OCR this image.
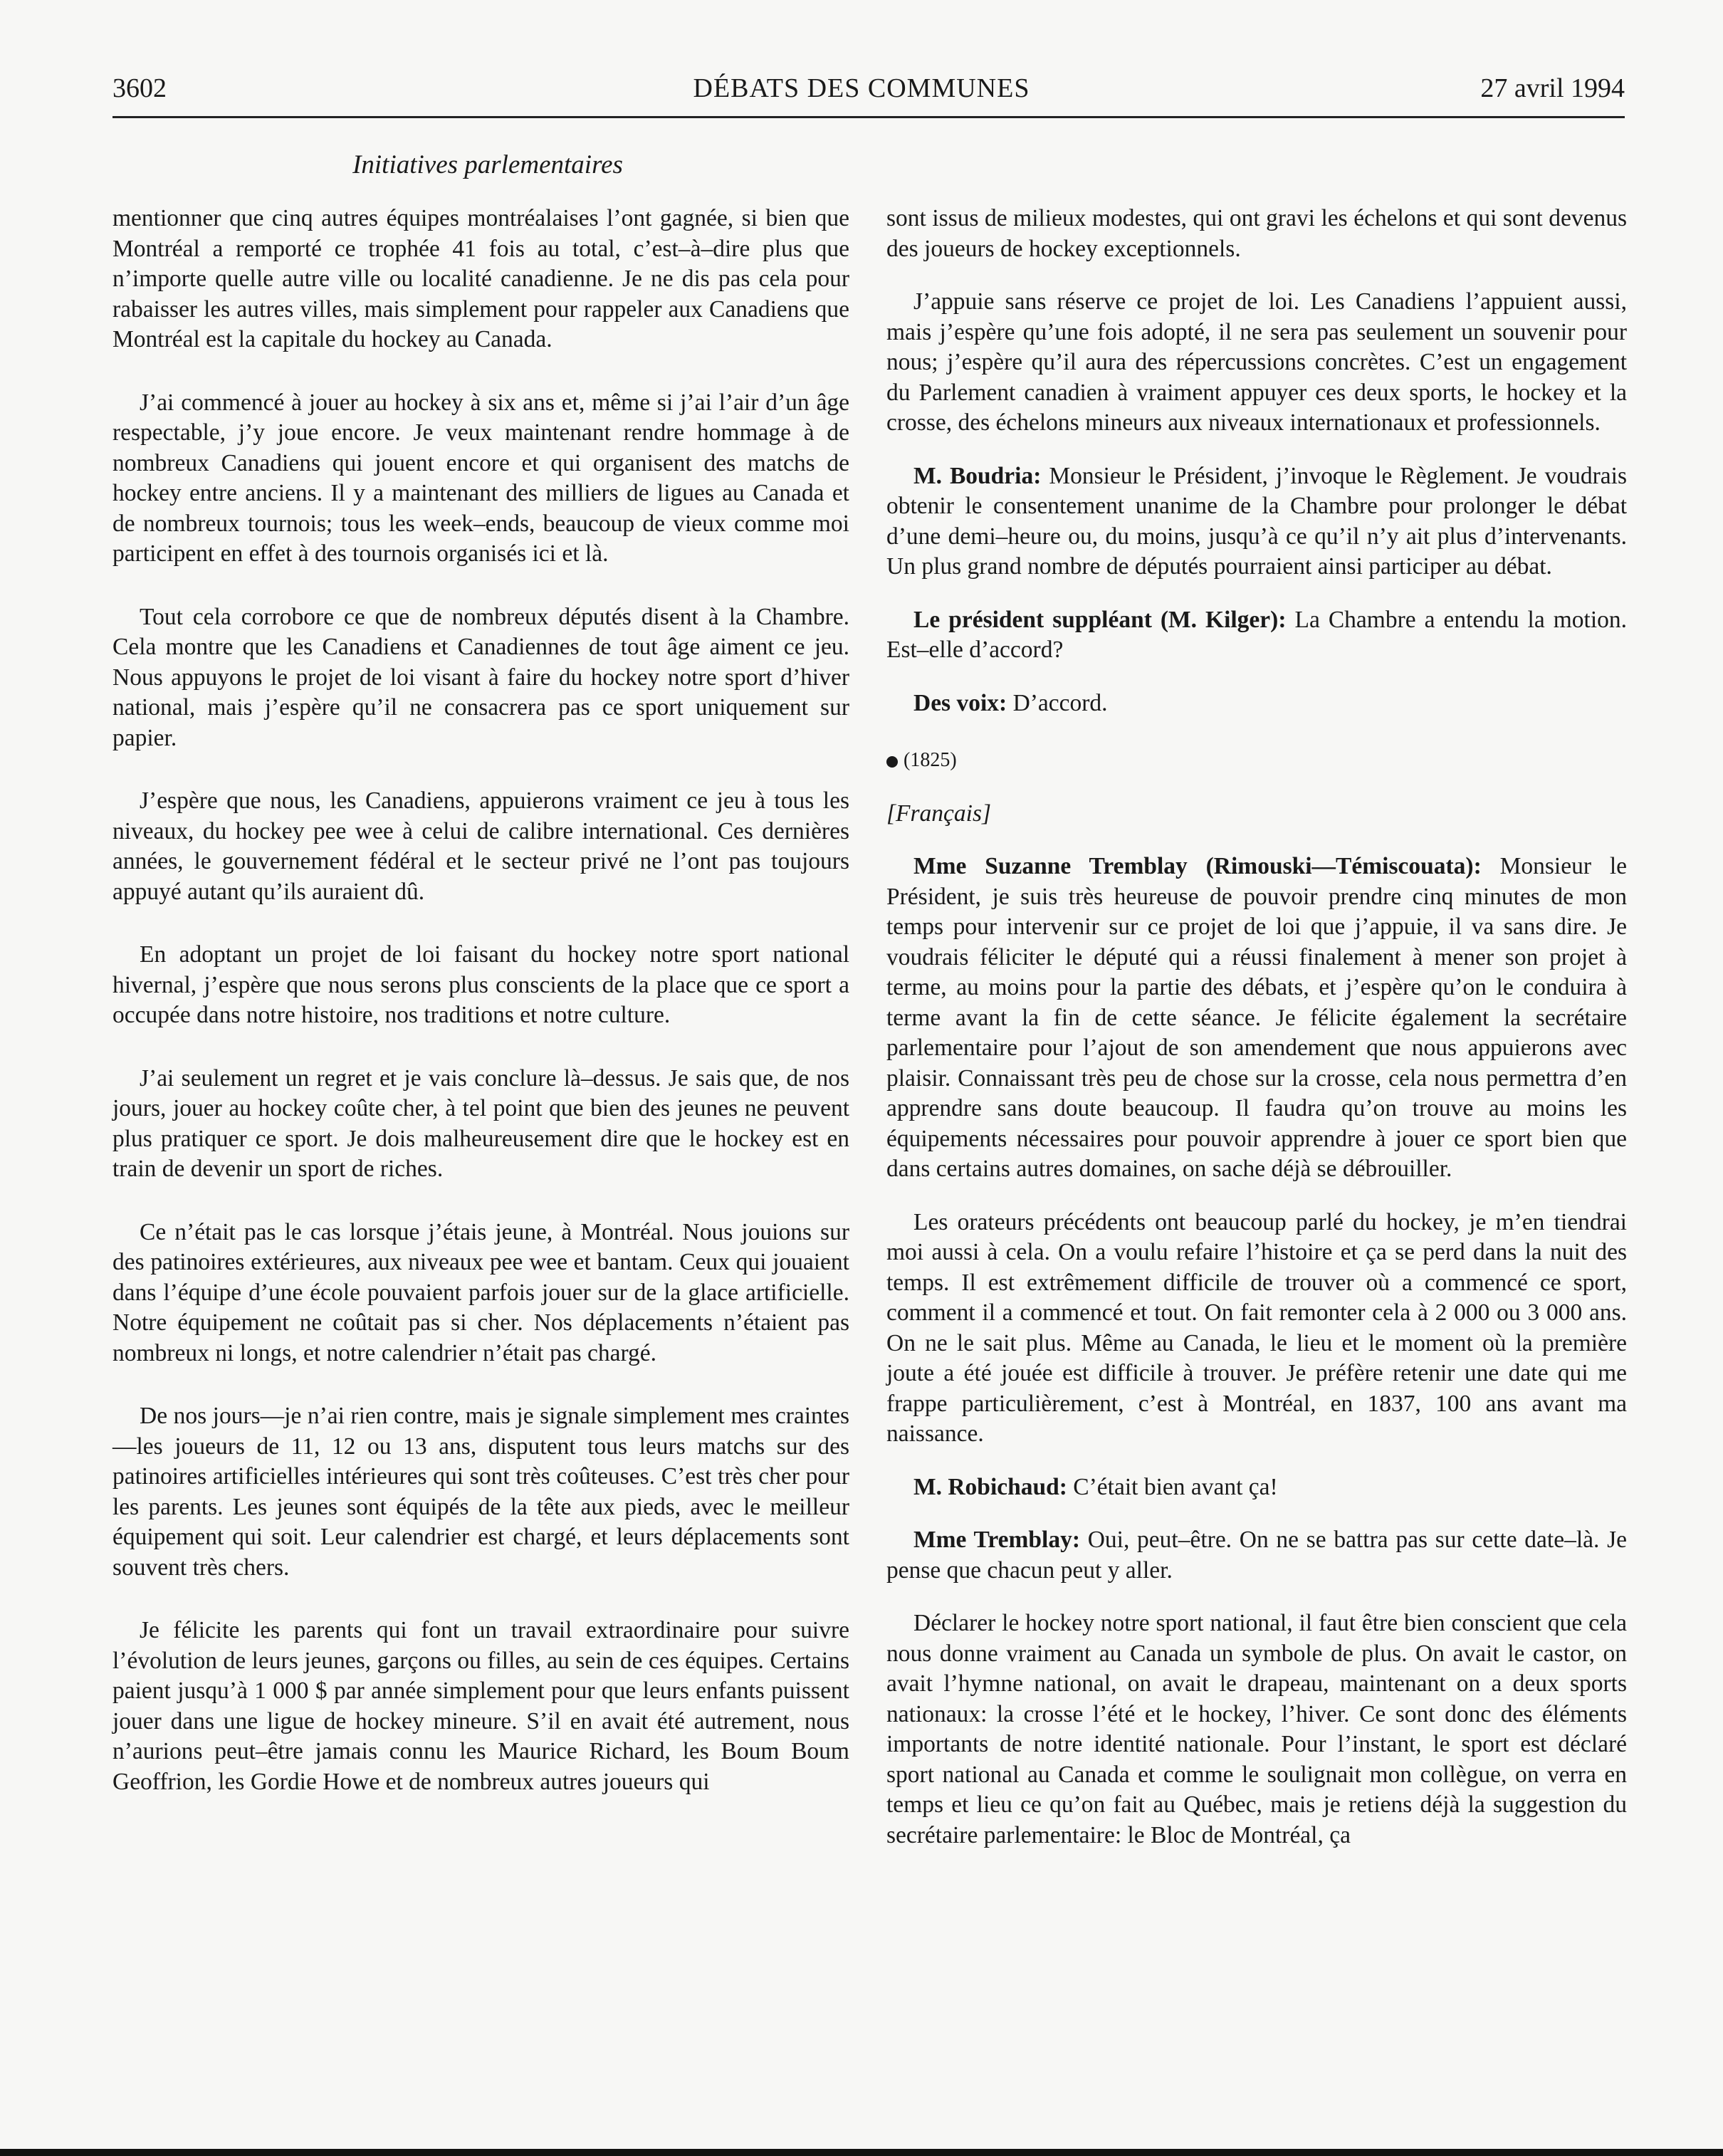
3602	DÉBATS DES COMMUNES	27 avril 1994
Initiatives parlementaires

mentionner que cinq autres équipes montréalaises l’ont gagnée, si bien que Montréal a remporté ce trophée 41 fois au total, c’est–à–dire plus que n’importe quelle autre ville ou localité canadienne. Je ne dis pas cela pour rabaisser les autres villes, mais simplement pour rappeler aux Canadiens que Montréal est la capitale du hockey au Canada.

J’ai commencé à jouer au hockey à six ans et, même si j’ai l’air d’un âge respectable, j’y joue encore. Je veux maintenant rendre hommage à de nombreux Canadiens qui jouent encore et qui organisent des matchs de hockey entre anciens. Il y a maintenant des milliers de ligues au Canada et de nombreux tournois; tous les week–ends, beaucoup de vieux comme moi participent en effet à des tournois organisés ici et là.

Tout cela corrobore ce que de nombreux députés disent à la Chambre. Cela montre que les Canadiens et Canadiennes de tout âge aiment ce jeu. Nous appuyons le projet de loi visant à faire du hockey notre sport d’hiver national, mais j’espère qu’il ne consacrera pas ce sport uniquement sur papier.

J’espère que nous, les Canadiens, appuierons vraiment ce jeu à tous les niveaux, du hockey pee wee à celui de calibre international. Ces dernières années, le gouvernement fédéral et le secteur privé ne l’ont pas toujours appuyé autant qu’ils auraient dû.

En adoptant un projet de loi faisant du hockey notre sport national hivernal, j’espère que nous serons plus conscients de la place que ce sport a occupée dans notre histoire, nos traditions et notre culture.

J’ai seulement un regret et je vais conclure là–dessus. Je sais que, de nos jours, jouer au hockey coûte cher, à tel point que bien des jeunes ne peuvent plus pratiquer ce sport. Je dois malheureusement dire que le hockey est en train de devenir un sport de riches.

Ce n’était pas le cas lorsque j’étais jeune, à Montréal. Nous jouions sur des patinoires extérieures, aux niveaux pee wee et bantam. Ceux qui jouaient dans l’équipe d’une école pouvaient parfois jouer sur de la glace artificielle. Notre équipement ne coûtait pas si cher. Nos déplacements n’étaient pas nombreux ni longs, et notre calendrier n’était pas chargé.

De nos jours—je n’ai rien contre, mais je signale simplement mes craintes—les joueurs de 11, 12 ou 13 ans, disputent tous leurs matchs sur des patinoires artificielles intérieures qui sont très coûteuses. C’est très cher pour les parents. Les jeunes sont équipés de la tête aux pieds, avec le meilleur équipement qui soit. Leur calendrier est chargé, et leurs déplacements sont souvent très chers.

Je félicite les parents qui font un travail extraordinaire pour suivre l’évolution de leurs jeunes, garçons ou filles, au sein de ces équipes. Certains paient jusqu’à 1 000 $ par année simplement pour que leurs enfants puissent jouer dans une ligue de hockey mineure. S’il en avait été autrement, nous n’aurions peut–être jamais connu les Maurice Richard, les Boum Boum Geoffrion, les Gordie Howe et de nombreux autres joueurs qui

sont issus de milieux modestes, qui ont gravi les échelons et qui sont devenus des joueurs de hockey exceptionnels.

J’appuie sans réserve ce projet de loi. Les Canadiens l’appuient aussi, mais j’espère qu’une fois adopté, il ne sera pas seulement un souvenir pour nous; j’espère qu’il aura des répercussions concrètes. C’est un engagement du Parlement canadien à vraiment appuyer ces deux sports, le hockey et la crosse, des échelons mineurs aux niveaux internationaux et professionnels.

M. Boudria: Monsieur le Président, j’invoque le Règlement. Je voudrais obtenir le consentement unanime de la Chambre pour prolonger le débat d’une demi–heure ou, du moins, jusqu’à ce qu’il n’y ait plus d’intervenants. Un plus grand nombre de députés pourraient ainsi participer au débat.

Le président suppléant (M. Kilger): La Chambre a entendu la motion. Est–elle d’accord?

Des voix: D’accord.

(1825)

[Français]

Mme Suzanne Tremblay (Rimouski—Témiscouata): Monsieur le Président, je suis très heureuse de pouvoir prendre cinq minutes de mon temps pour intervenir sur ce projet de loi que j’appuie, il va sans dire. Je voudrais féliciter le député qui a réussi finalement à mener son projet à terme, au moins pour la partie des débats, et j’espère qu’on le conduira à terme avant la fin de cette séance. Je félicite également la secrétaire parlementaire pour l’ajout de son amendement que nous appuierons avec plaisir. Connaissant très peu de chose sur la crosse, cela nous permettra d’en apprendre sans doute beaucoup. Il faudra qu’on trouve au moins les équipements nécessaires pour pouvoir apprendre à jouer ce sport bien que dans certains autres domaines, on sache déjà se débrouiller.

Les orateurs précédents ont beaucoup parlé du hockey, je m’en tiendrai moi aussi à cela. On a voulu refaire l’histoire et ça se perd dans la nuit des temps. Il est extrêmement difficile de trouver où a commencé ce sport, comment il a commencé et tout. On fait remonter cela à 2 000 ou 3 000 ans. On ne le sait plus. Même au Canada, le lieu et le moment où la première joute a été jouée est difficile à trouver. Je préfère retenir une date qui me frappe particulièrement, c’est à Montréal, en 1837, 100 ans avant ma naissance.

M. Robichaud: C’était bien avant ça!

Mme Tremblay: Oui, peut–être. On ne se battra pas sur cette date–là. Je pense que chacun peut y aller.

Déclarer le hockey notre sport national, il faut être bien conscient que cela nous donne vraiment au Canada un symbole de plus. On avait le castor, on avait l’hymne national, on avait le drapeau, maintenant on a deux sports nationaux: la crosse l’été et le hockey, l’hiver. Ce sont donc des éléments importants de notre identité nationale. Pour l’instant, le sport est déclaré sport national au Canada et comme le soulignait mon collègue, on verra en temps et lieu ce qu’on fait au Québec, mais je retiens déjà la suggestion du secrétaire parlementaire: le Bloc de Montréal, ça
